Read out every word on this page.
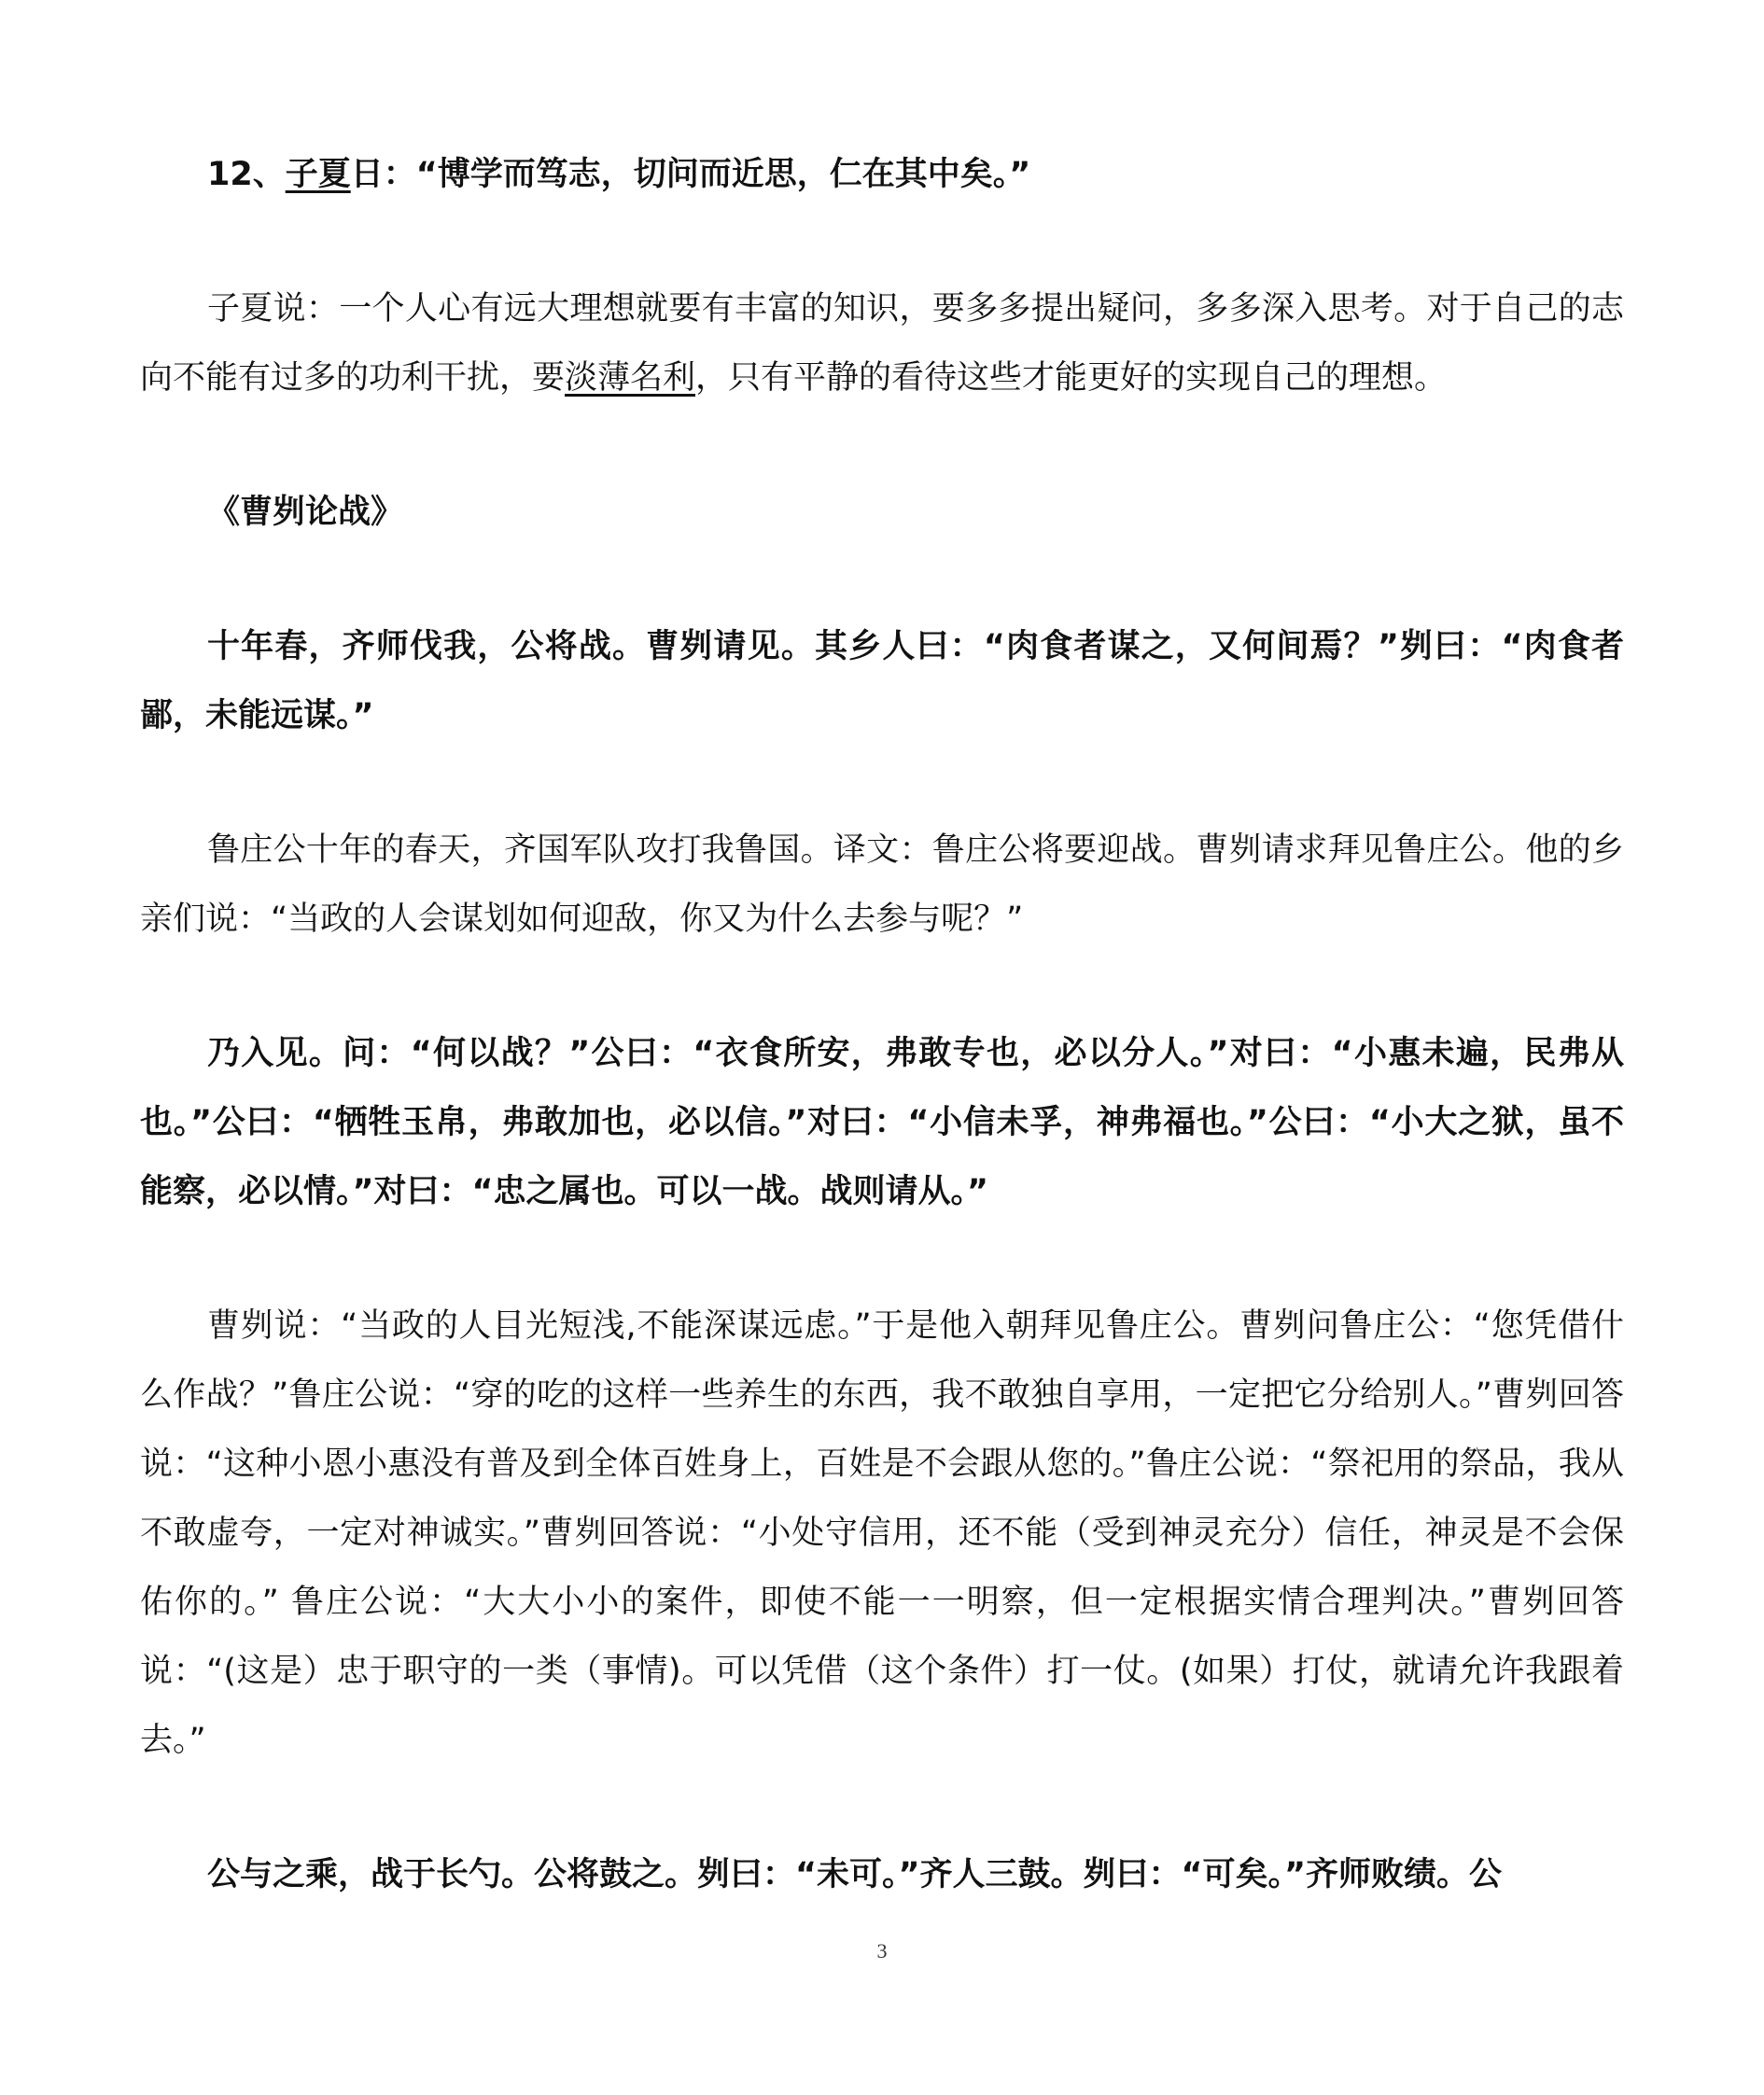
12、子夏日：“博学而笃志，切问而近思，仁在其中矣。”

子夏说：一个人心有远大理想就要有丰富的知识，要多多提出疑问，多多深入思考。对于自己的志向不能有过多的功利干扰，要淡薄名利，只有平静的看待这些才能更好的实现自己的理想。

《曹刿论战》

十年春，齐师伐我，公将战。曹刿请见。其乡人曰：“肉食者谋之，又何间焉？”刿曰：“肉食者鄙，未能远谋。”

鲁庄公十年的春天，齐国军队攻打我鲁国。译文：鲁庄公将要迎战。曹刿请求拜见鲁庄公。他的乡亲们说：“当政的人会谋划如何迎敌，你又为什么去参与呢？”

乃入见。问：“何以战？”公曰：“衣食所安，弗敢专也，必以分人。”对曰：“小惠未遍，民弗从也。”公曰：“牺牲玉帛，弗敢加也，必以信。”对曰：“小信未孚，神弗福也。”公曰：“小大之狱，虽不能察，必以情。”对曰：“忠之属也。可以一战。战则请从。”

曹刿说：“当政的人目光短浅,不能深谋远虑。”于是他入朝拜见鲁庄公。曹刿问鲁庄公：“您凭借什么作战？”鲁庄公说：“穿的吃的这样一些养生的东西，我不敢独自享用，一定把它分给别人。”曹刿回答说：“这种小恩小惠没有普及到全体百姓身上，百姓是不会跟从您的。”鲁庄公说：“祭祀用的祭品，我从不敢虚夸，一定对神诚实。”曹刿回答说：“小处守信用，还不能（受到神灵充分）信任，神灵是不会保佑你的。” 鲁庄公说：“大大小小的案件，即使不能一一明察，但一定根据实情合理判决。”曹刿回答说：“(这是）忠于职守的一类（事情)。可以凭借（这个条件）打一仗。(如果）打仗，就请允许我跟着去。”

公与之乘，战于长勺。公将鼓之。刿曰：“未可。”齐人三鼓。刿曰：“可矣。”齐师败绩。公

3
